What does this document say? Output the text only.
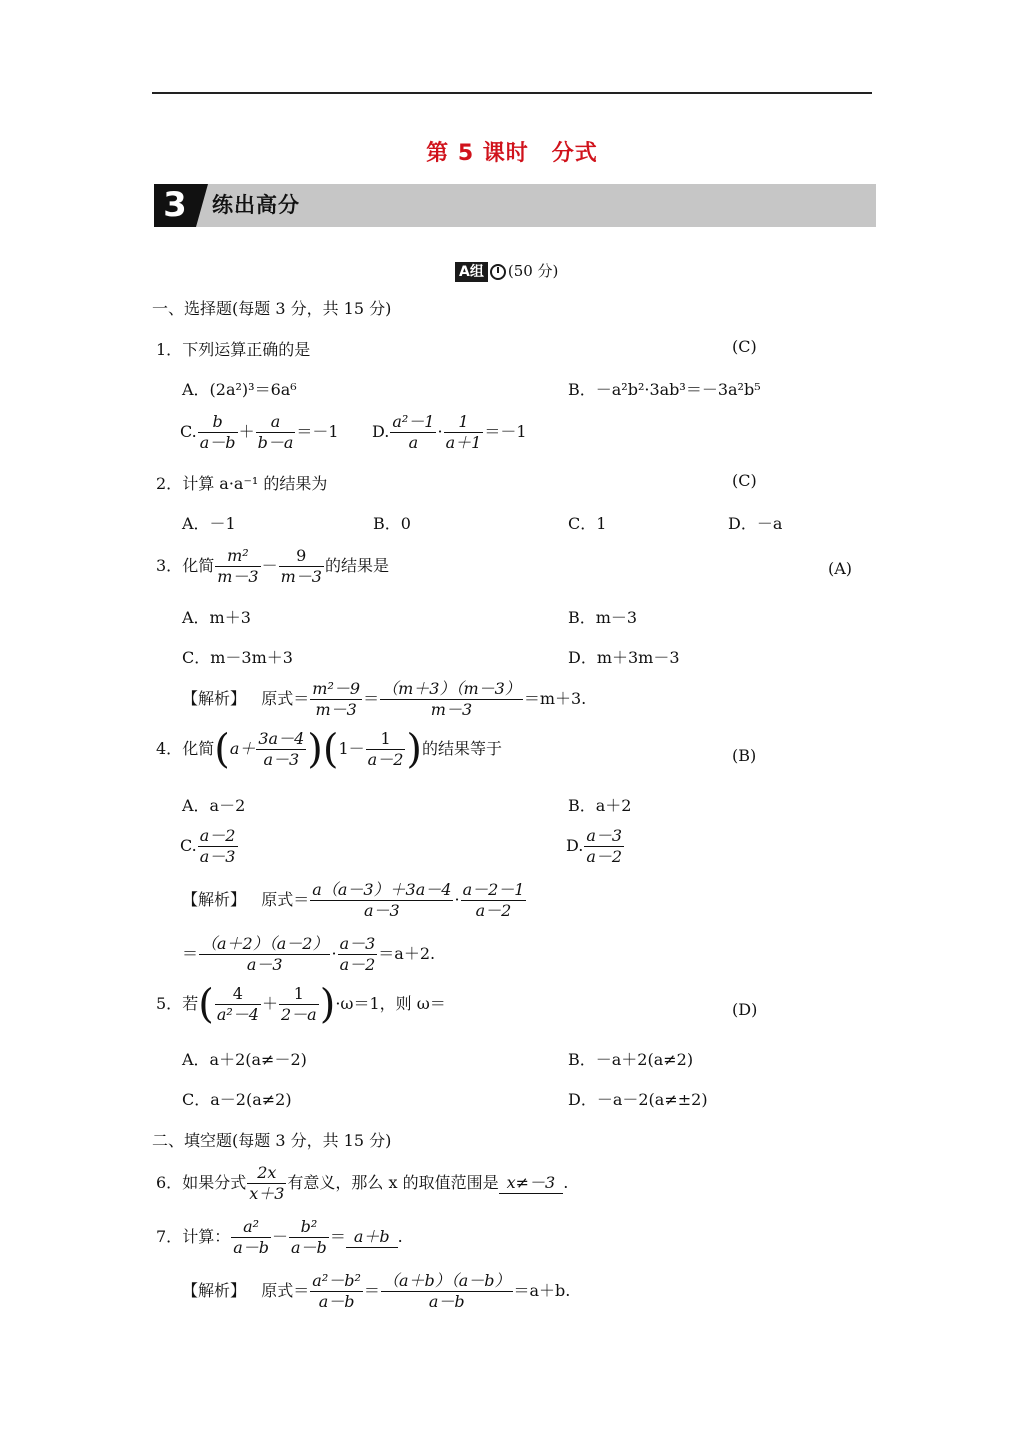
第 5 课时　分式
3	练出高分
A组 (50 分)
一、选择题(每题 3 分，共 15 分)
1．下列运算正确的是	(C)
A．(2a²)³＝6a⁶	B．－a²b²·3ab³＝－3a²b⁵
C. $\frac{b}{a-b} + \frac{a}{b-a} =-1$ D. $\frac{\text{a²－1}}{a} \cdot \frac{1}{a+1} =-1$
2．计算 a·a⁻¹ 的结果为	(C)
A．－1	B．0	C．1	D．－a
3．化简 $\frac{\text{m²}}{m-3} - \frac{9}{m-3}$ 的结果是	(A)
A．m＋3	B．m－3
C．m－3m＋3	D．m＋3m－3
【解析】 原式＝ $\frac{\text{m²－9}}{m-3} = \frac{(m+3)(m-3)}{m-3} =m+3$.
4．化简$(a+ \frac{3a-4}{a-3} )(1- \frac{1}{a-2}$ )的结果等于	(B)
A．a－2	B．a＋2
C. $\frac{a-2}{a-3}$	D. $\frac{a-3}{a-2}$
【解析】 原式＝ $\frac{a(a-3)+3a-4}{a-3} \cdot \frac{a-2-1}{a-2}$
＝ $\frac{(a+2)(a-2)}{a-3} \cdot \frac{a-3}{a-2} =a+2$.
5．若( $\frac{4}{\text{a²－4}} + \frac{1}{2-a} )\cdot\omega=1$，则 ω＝	(D)
A．a＋2(a≠－2)	B．－a＋2(a≠2)
C．a－2(a≠2)	D．－a－2(a≠±2)
二、填空题(每题 3 分，共 15 分)
6．如果分式 $\frac{2x}{x+3}$ 有意义，那么 x 的取值范围是 x≠－3 .
7．计算： $\frac{\text{a²}}{a-b} - \frac{\text{b²}}{a-b} = a+b$ .
【解析】 原式＝ $\frac{\text{a²－b²}}{a-b} = \frac{(a+b)(a-b)}{a-b} =a+b$.
